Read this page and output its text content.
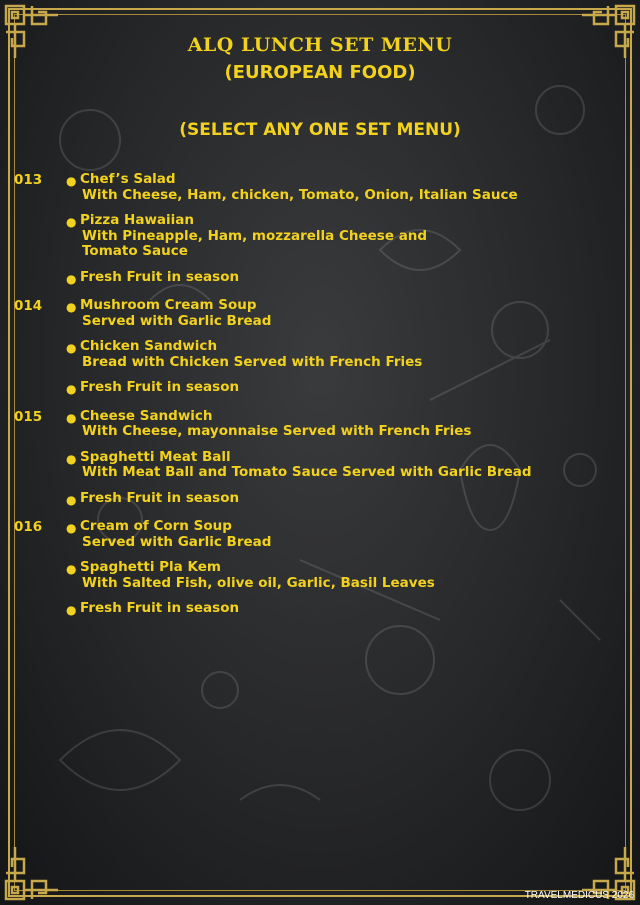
ALQ LUNCH SET MENU
(EUROPEAN FOOD)
(SELECT ANY ONE SET MENU)
013 ● Chef’s Salad
With Cheese, Ham, chicken, Tomato, Onion, Italian Sauce
● Pizza Hawaiian
With Pineapple, Ham, mozzarella Cheese and
Tomato Sauce
● Fresh Fruit in season
014 ● Mushroom Cream Soup
Served with Garlic Bread
● Chicken Sandwich
Bread with Chicken Served with French Fries
● Fresh Fruit in season
015 ● Cheese Sandwich
With Cheese, mayonnaise Served with French Fries
● Spaghetti Meat Ball
With Meat Ball and Tomato Sauce Served with Garlic Bread
● Fresh Fruit in season
016 ● Cream of Corn Soup
Served with Garlic Bread
● Spaghetti Pla Kem
With Salted Fish, olive oil, Garlic, Basil Leaves
● Fresh Fruit in season
TRAVELMEDICUS 2026
